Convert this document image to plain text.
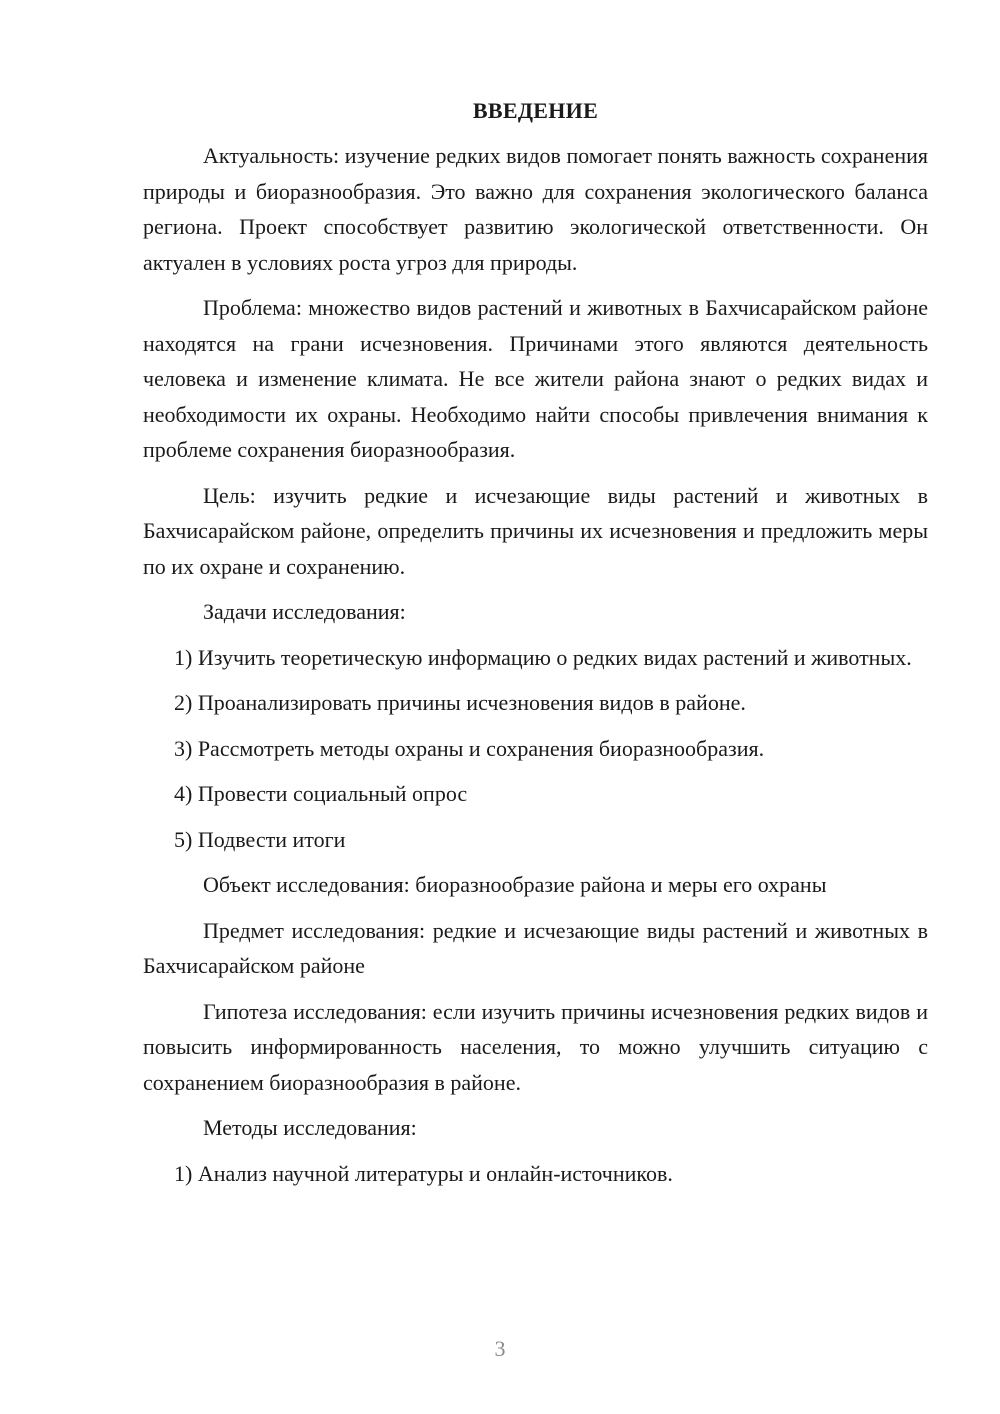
ВВЕДЕНИЕ

Актуальность: изучение редких видов помогает понять важность сохранения природы и биоразнообразия. Это важно для сохранения экологического баланса региона. Проект способствует развитию экологической ответственности. Он актуален в условиях роста угроз для природы.

Проблема: множество видов растений и животных в Бахчисарайском районе находятся на грани исчезновения. Причинами этого являются деятельность человека и изменение климата. Не все жители района знают о редких видах и необходимости их охраны. Необходимо найти способы привлечения внимания к проблеме сохранения биоразнообразия.

Цель: изучить редкие и исчезающие виды растений и животных в Бахчисарайском районе, определить причины их исчезновения и предложить меры по их охране и сохранению.

Задачи исследования:

1) Изучить теоретическую информацию о редких видах растений и животных.

2) Проанализировать причины исчезновения видов в районе.

3) Рассмотреть методы охраны и сохранения биоразнообразия.

4) Провести социальный опрос

5) Подвести итоги

Объект исследования: биоразнообразие района и меры его охраны

Предмет исследования: редкие и исчезающие виды растений и животных в Бахчисарайском районе

Гипотеза исследования: если изучить причины исчезновения редких видов и повысить информированность населения, то можно улучшить ситуацию с сохранением биоразнообразия в районе.

Методы исследования:

1) Анализ научной литературы и онлайн-источников.

3
